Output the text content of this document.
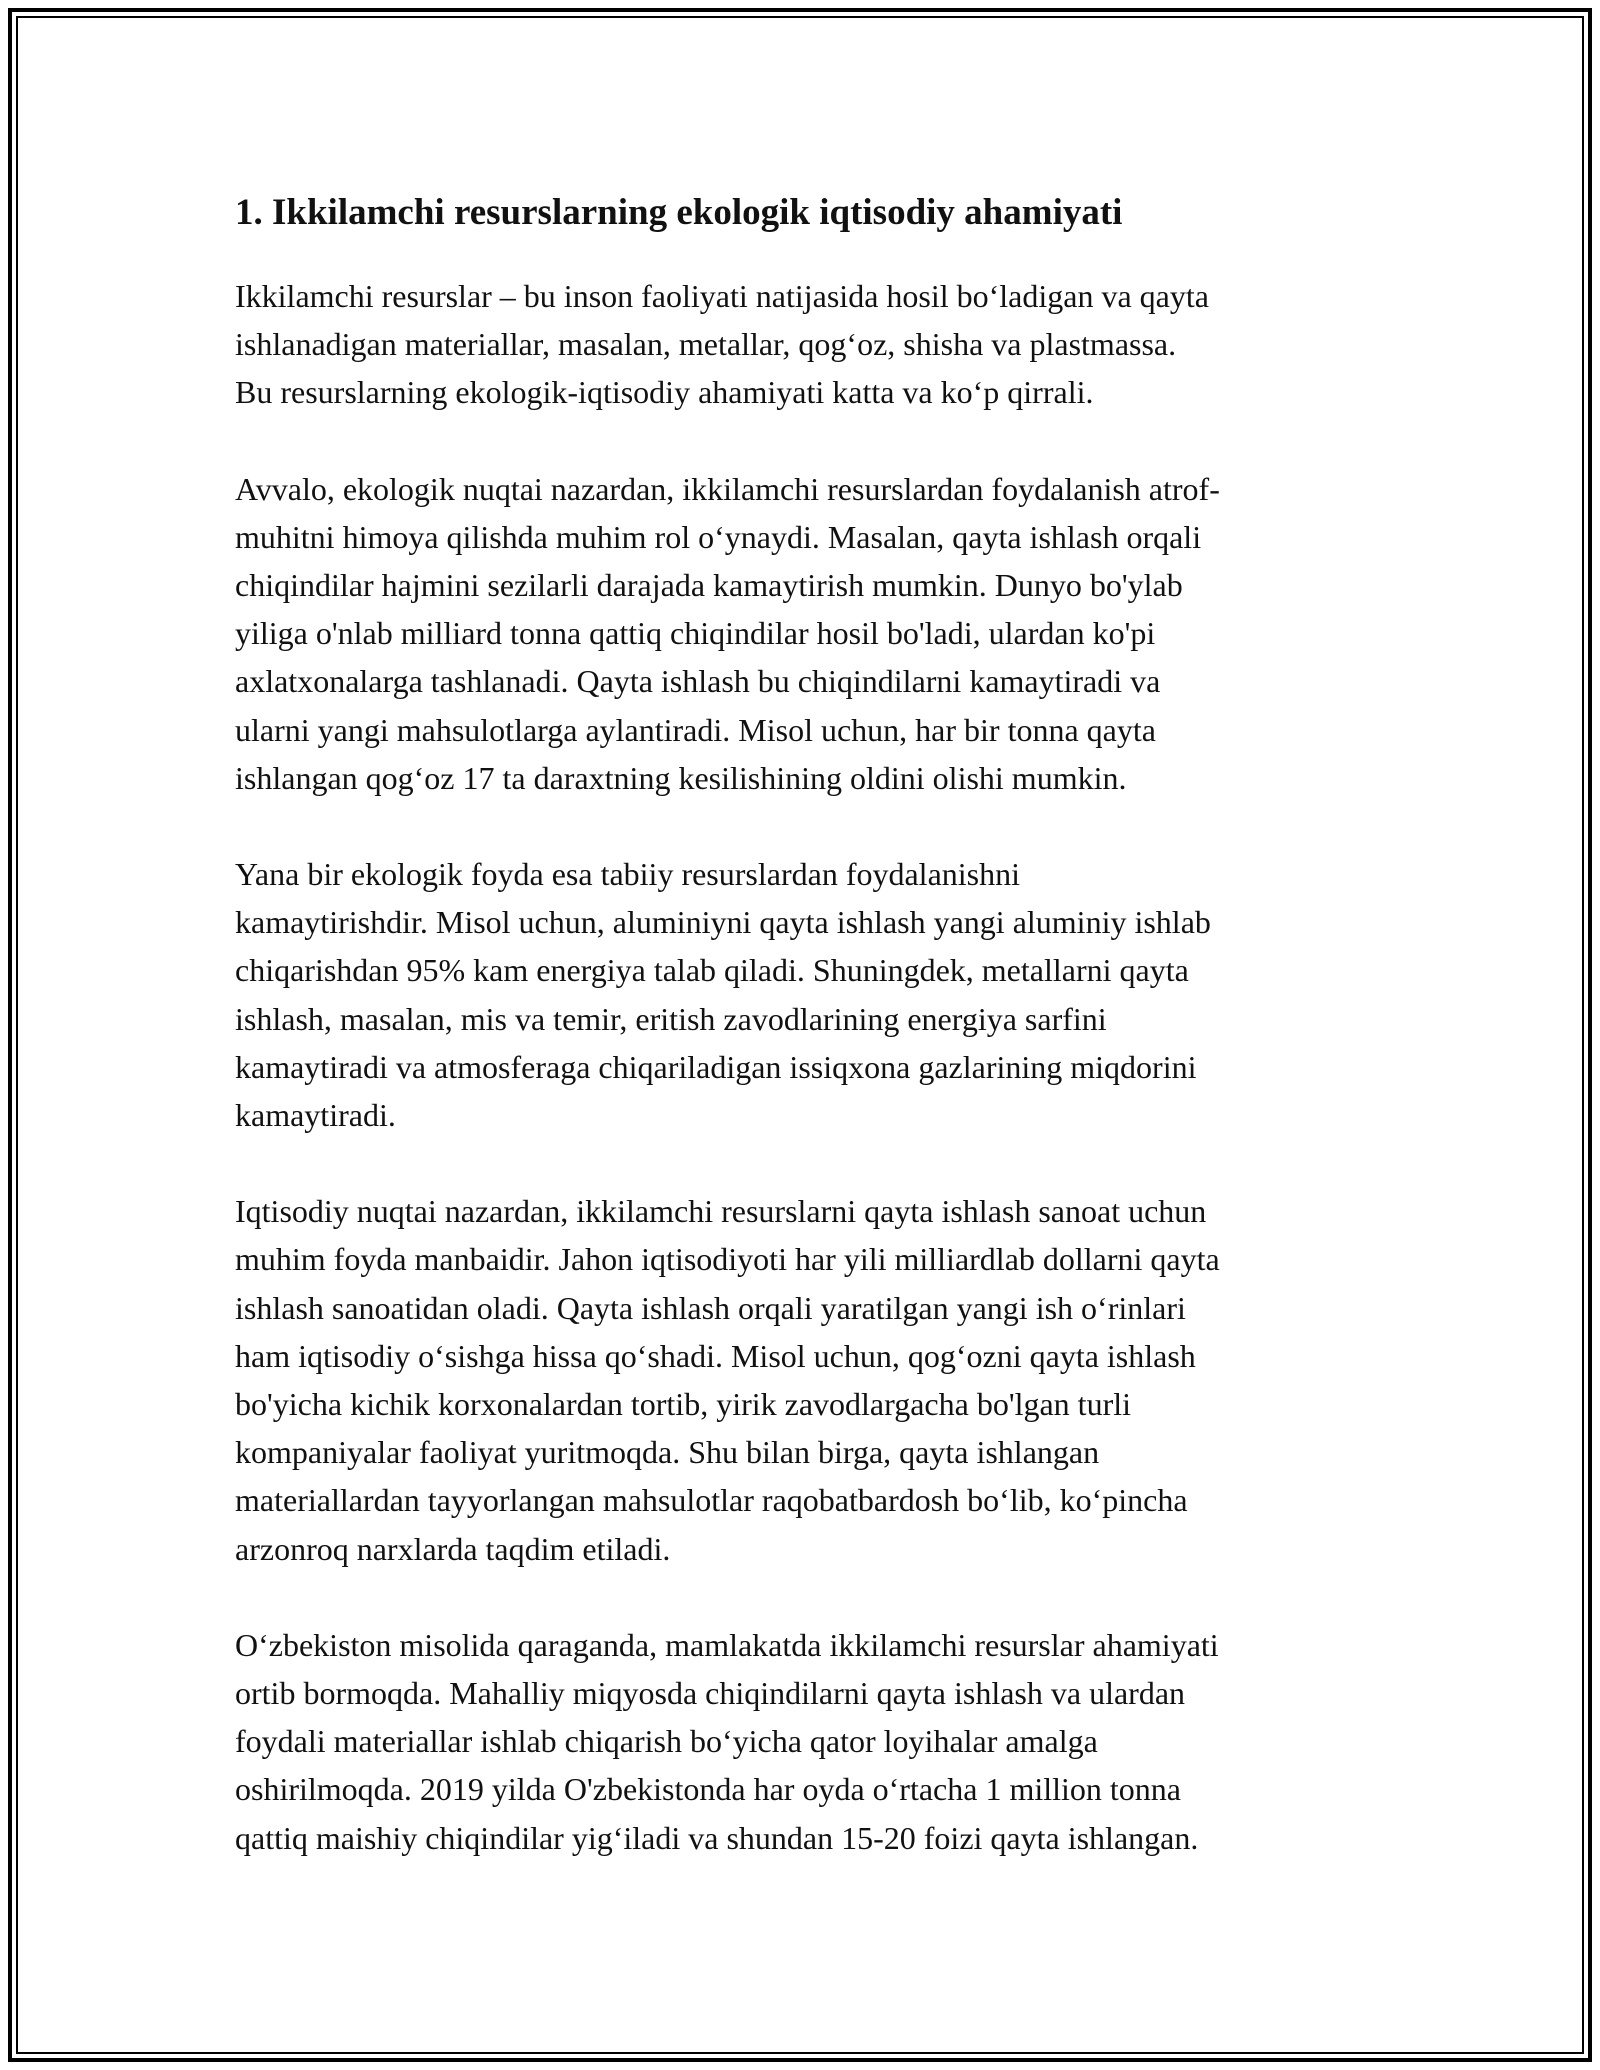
1. Ikkilamchi resurslarning ekologik iqtisodiy ahamiyati

Ikkilamchi resurslar – bu inson faoliyati natijasida hosil boʻladigan va qayta
ishlanadigan materiallar, masalan, metallar, qogʻoz, shisha va plastmassa.
Bu resurslarning ekologik-iqtisodiy ahamiyati katta va koʻp qirrali.

Avvalo, ekologik nuqtai nazardan, ikkilamchi resurslardan foydalanish atrof-
muhitni himoya qilishda muhim rol oʻynaydi. Masalan, qayta ishlash orqali
chiqindilar hajmini sezilarli darajada kamaytirish mumkin. Dunyo bo'ylab
yiliga o'nlab milliard tonna qattiq chiqindilar hosil bo'ladi, ulardan ko'pi
axlatxonalarga tashlanadi. Qayta ishlash bu chiqindilarni kamaytiradi va
ularni yangi mahsulotlarga aylantiradi. Misol uchun, har bir tonna qayta
ishlangan qogʻoz 17 ta daraxtning kesilishining oldini olishi mumkin.

Yana bir ekologik foyda esa tabiiy resurslardan foydalanishni
kamaytirishdir. Misol uchun, aluminiyni qayta ishlash yangi aluminiy ishlab
chiqarishdan 95% kam energiya talab qiladi. Shuningdek, metallarni qayta
ishlash, masalan, mis va temir, eritish zavodlarining energiya sarfini
kamaytiradi va atmosferaga chiqariladigan issiqxona gazlarining miqdorini
kamaytiradi.

Iqtisodiy nuqtai nazardan, ikkilamchi resurslarni qayta ishlash sanoat uchun
muhim foyda manbaidir. Jahon iqtisodiyoti har yili milliardlab dollarni qayta
ishlash sanoatidan oladi. Qayta ishlash orqali yaratilgan yangi ish oʻrinlari
ham iqtisodiy oʻsishga hissa qoʻshadi. Misol uchun, qogʻozni qayta ishlash
bo'yicha kichik korxonalardan tortib, yirik zavodlargacha bo'lgan turli
kompaniyalar faoliyat yuritmoqda. Shu bilan birga, qayta ishlangan
materiallardan tayyorlangan mahsulotlar raqobatbardosh boʻlib, koʻpincha
arzonroq narxlarda taqdim etiladi.

Oʻzbekiston misolida qaraganda, mamlakatda ikkilamchi resurslar ahamiyati
ortib bormoqda. Mahalliy miqyosda chiqindilarni qayta ishlash va ulardan
foydali materiallar ishlab chiqarish boʻyicha qator loyihalar amalga
oshirilmoqda. 2019 yilda O'zbekistonda har oyda oʻrtacha 1 million tonna
qattiq maishiy chiqindilar yigʻiladi va shundan 15-20 foizi qayta ishlangan.
